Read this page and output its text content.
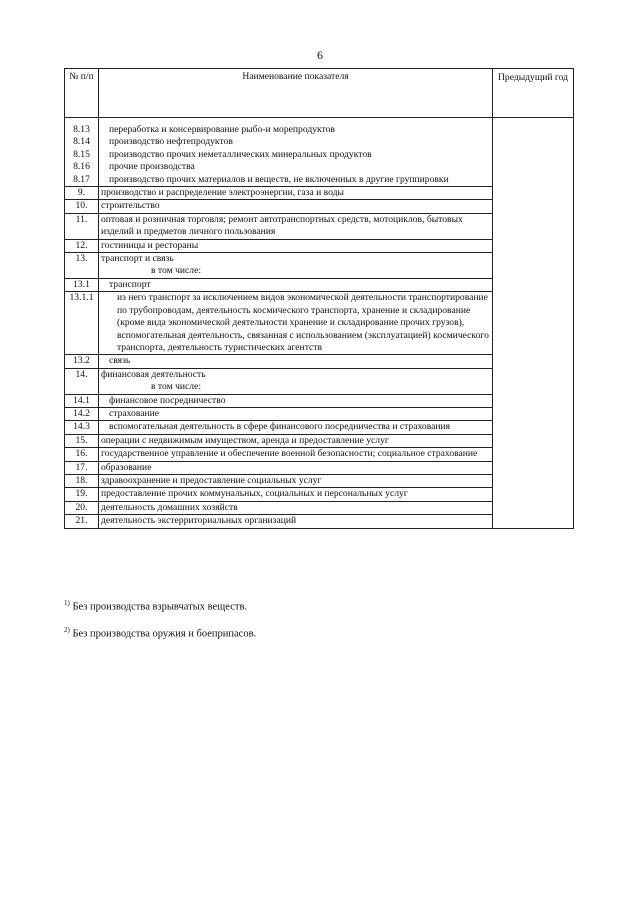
6
№ п/п	Наименование показателя	Предыдущий год

8.13	переработка и консервирование рыбо-и морепродуктов	
8.14	производство нефтепродуктов	
8.15	производство прочих неметаллических минеральных продуктов	
8.16	прочие производства	
8.17	производство прочих материалов и веществ, не включенных в другие группировки	
9.	производство и распределение электроэнергии, газа и воды	
10.	строительство	
11.	оптовая и розничная торговля; ремонт автотранспортных средств, мотоциклов, бытовых изделий и предметов личного пользования	
12.	гостиницы и рестораны	
13.	транспорт и связь	
	в том числе:	
13.1	транспорт	
13.1.1	из него транспорт за исключением видов экономической деятельности транспортирование по трубопроводам, деятельность космического транспорта, хранение и складирование (кроме вида экономической деятельности хранение и складирование прочих грузов), вспомогательная деятельность, связанная с использованием (эксплуатацией) космического транспорта, деятельность туристических агентств	
13.2	связь	
14.	финансовая деятельность	
	в том числе:	
14.1	финансовое посредничество	
14.2	страхование	
14.3	вспомогательная деятельность в сфере финансового посредничества и страхования	
15.	операции с недвижимым имуществом, аренда и предоставление услуг	
16.	государственное управление и обеспечение военной безопасности; социальное страхование	
17.	образование	
18.	здравоохранение и предоставление социальных услуг	
19.	предоставление прочих коммунальных, социальных и персональных услуг	
20.	деятельность домашних хозяйств	
21.	деятельность экстерриториальных организаций	
$^{1)}$ Без производства взрывчатых веществ.
$^{2)}$ Без производства оружия и боеприпасов.
